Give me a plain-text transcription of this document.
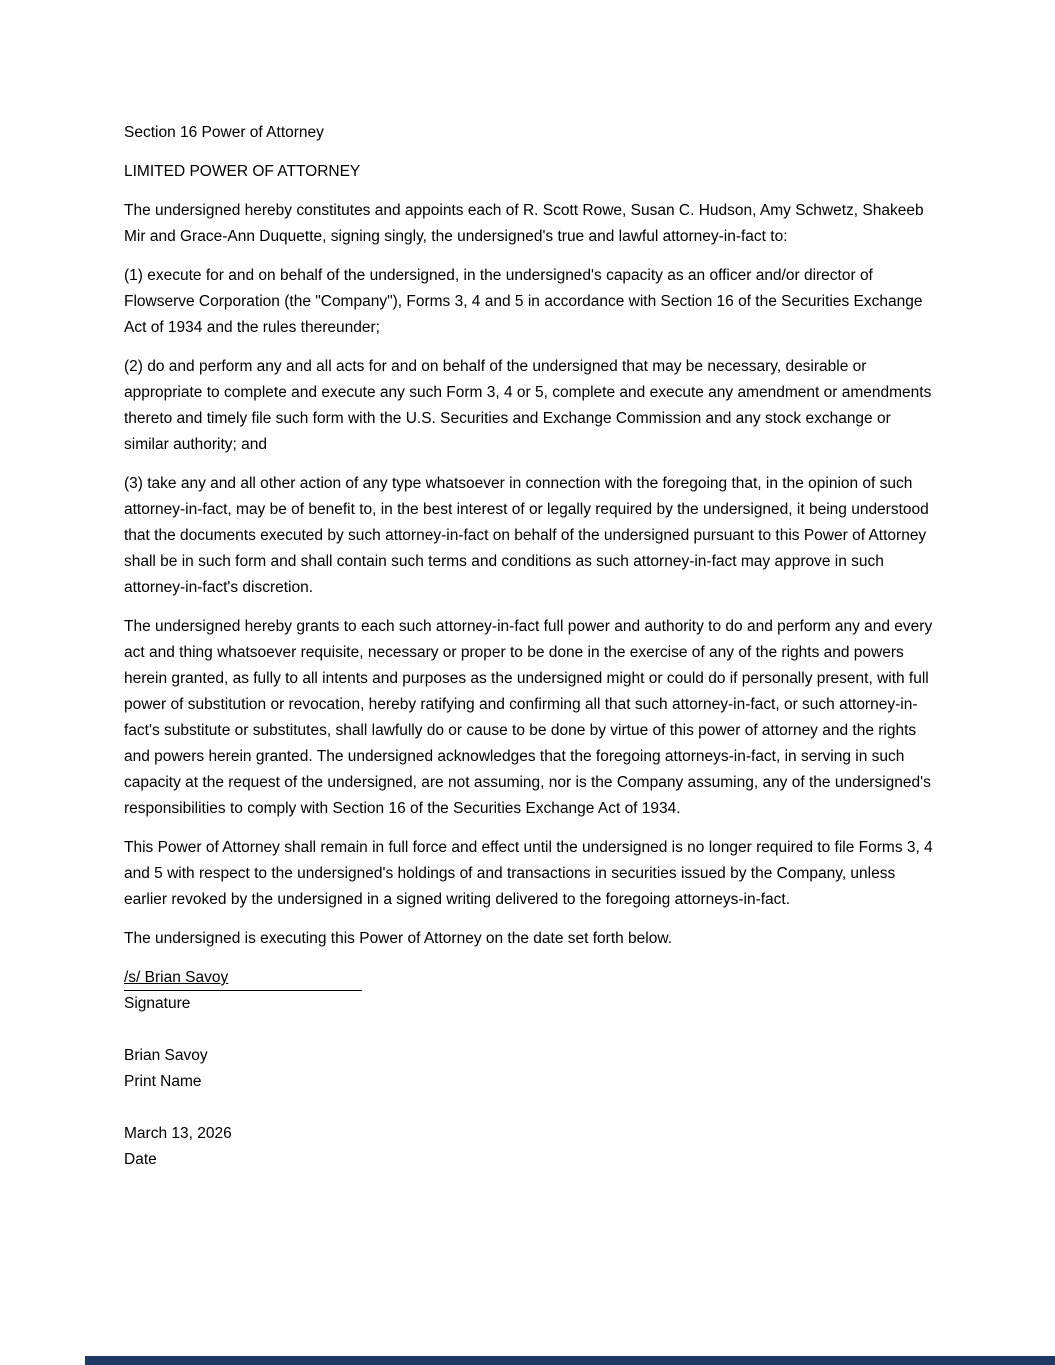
Section 16 Power of Attorney

LIMITED POWER OF ATTORNEY

The undersigned hereby constitutes and appoints each of R. Scott Rowe, Susan C. Hudson, Amy Schwetz, Shakeeb Mir and Grace-Ann Duquette, signing singly, the undersigned's true and lawful attorney-in-fact to:

(1) execute for and on behalf of the undersigned, in the undersigned's capacity as an officer and/or director of Flowserve Corporation (the "Company"), Forms 3, 4 and 5 in accordance with Section 16 of the Securities Exchange Act of 1934 and the rules thereunder;

(2) do and perform any and all acts for and on behalf of the undersigned that may be necessary, desirable or appropriate to complete and execute any such Form 3, 4 or 5, complete and execute any amendment or amendments thereto and timely file such form with the U.S. Securities and Exchange Commission and any stock exchange or similar authority; and

(3) take any and all other action of any type whatsoever in connection with the foregoing that, in the opinion of such attorney-in-fact, may be of benefit to, in the best interest of or legally required by the undersigned, it being understood that the documents executed by such attorney-in-fact on behalf of the undersigned pursuant to this Power of Attorney shall be in such form and shall contain such terms and conditions as such attorney-in-fact may approve in such attorney-in-fact's discretion.

The undersigned hereby grants to each such attorney-in-fact full power and authority to do and perform any and every act and thing whatsoever requisite, necessary or proper to be done in the exercise of any of the rights and powers herein granted, as fully to all intents and purposes as the undersigned might or could do if personally present, with full power of substitution or revocation, hereby ratifying and confirming all that such attorney-in-fact, or such attorney-in-fact's substitute or substitutes, shall lawfully do or cause to be done by virtue of this power of attorney and the rights and powers herein granted. The undersigned acknowledges that the foregoing attorneys-in-fact, in serving in such capacity at the request of the undersigned, are not assuming, nor is the Company assuming, any of the undersigned's responsibilities to comply with Section 16 of the Securities Exchange Act of 1934.

This Power of Attorney shall remain in full force and effect until the undersigned is no longer required to file Forms 3, 4 and 5 with respect to the undersigned's holdings of and transactions in securities issued by the Company, unless earlier revoked by the undersigned in a signed writing delivered to the foregoing attorneys-in-fact.

The undersigned is executing this Power of Attorney on the date set forth below.

/s/ Brian Savoy
Signature
Brian Savoy
Print Name
March 13, 2026
Date
